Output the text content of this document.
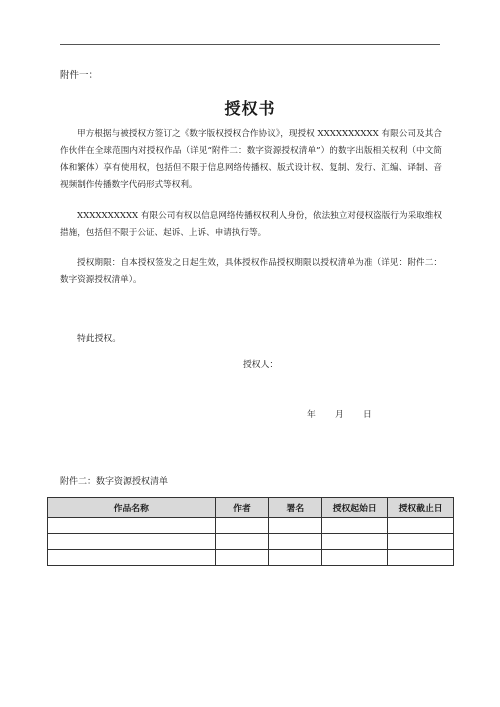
附件一：
授权书
甲方根据与被授权方签订之《数字版权授权合作协议》，现授权 XXXXXXXXXX 有限公司及其合作伙伴在全球范围内对授权作品（详见“附件二：数字资源授权清单”）的数字出版相关权利（中文简体和繁体）享有使用权，包括但不限于信息网络传播权、版式设计权、复制、发行、汇编、译制、音视频制作传播数字代码形式等权利。
XXXXXXXXXX 有限公司有权以信息网络传播权权利人身份，依法独立对侵权盗版行为采取维权措施，包括但不限于公证、起诉、上诉、申请执行等。
授权期限：自本授权签发之日起生效，具体授权作品授权期限以授权清单为准（详见：附件二：数字资源授权清单）。
特此授权。
授权人：
年	月	日
附件二：数字资源授权清单
作品名称	作者	署名	授权起始日	授权截止日
